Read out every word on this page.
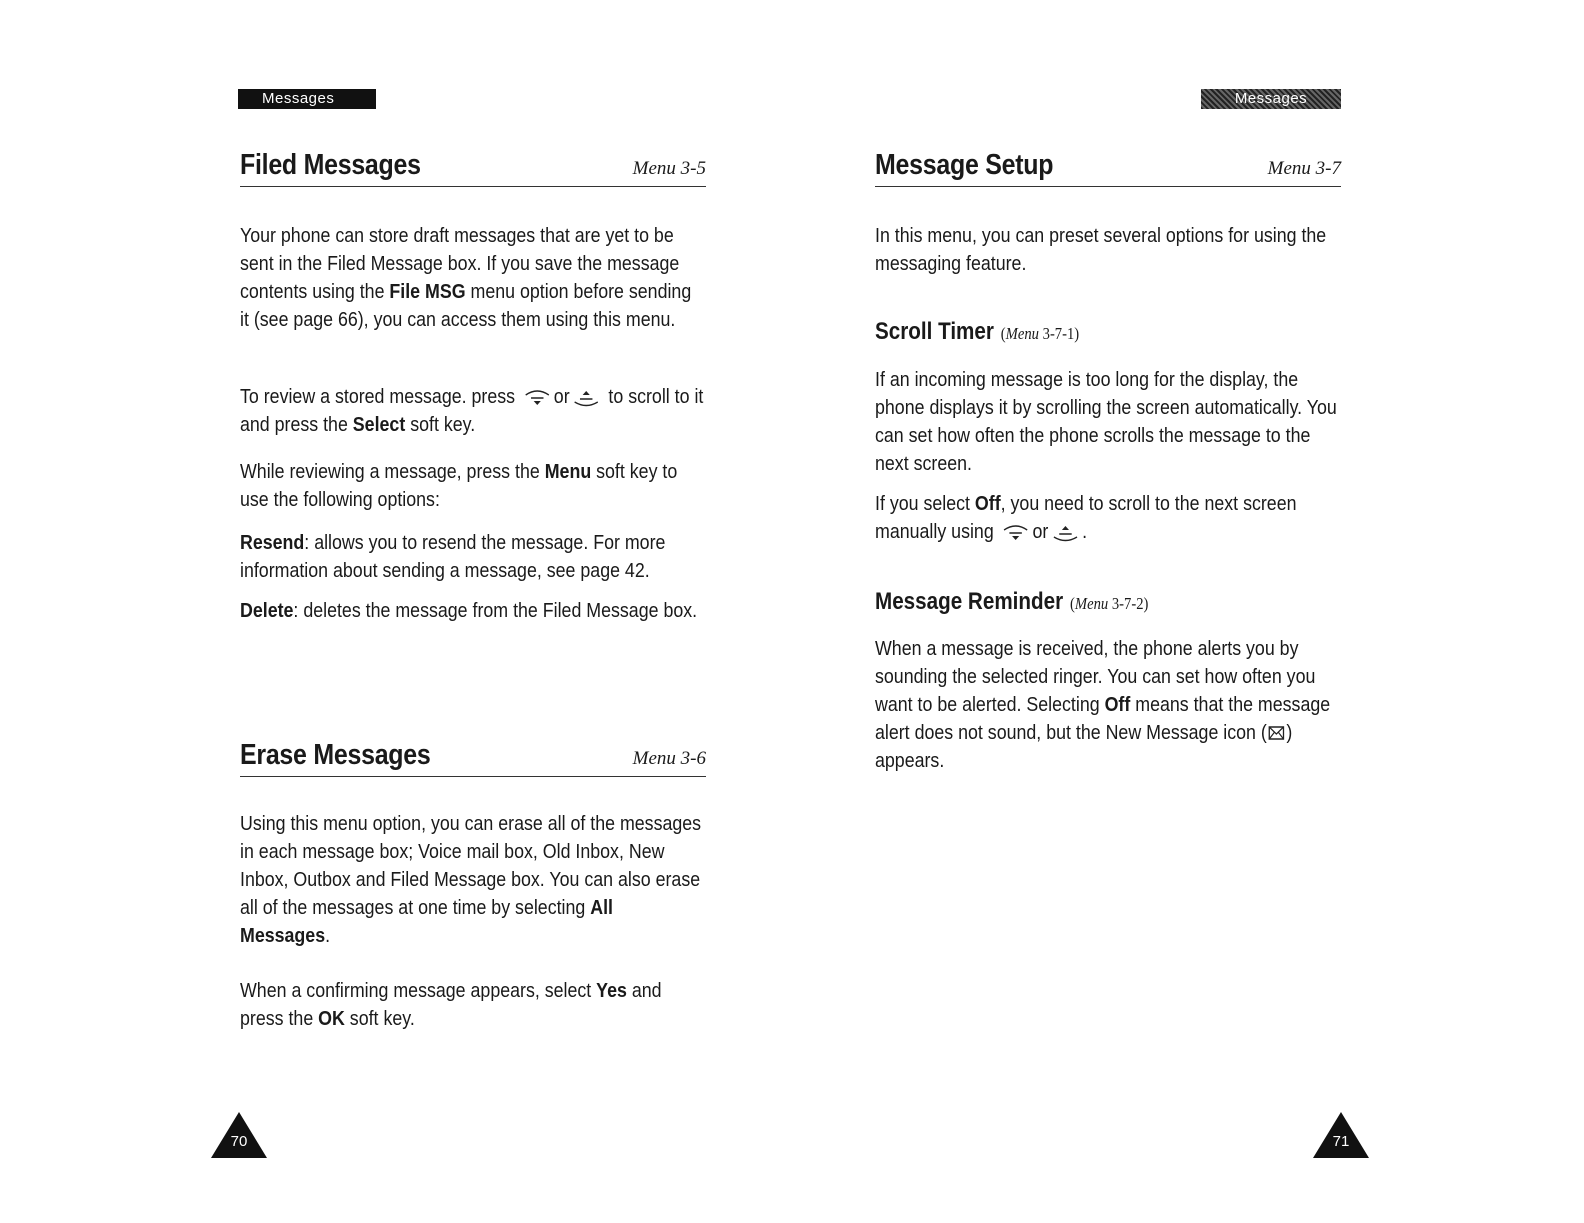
Messages	Messages
Filed Messages	Menu 3-5

Your phone can store draft messages that are yet to be sent in the Filed Message box. If you save the message contents using the File MSG menu option before sending it (see page 66), you can access them using this menu.

To review a stored message. press or to scroll to it and press the Select soft key.

While reviewing a message, press the Menu soft key to use the following options:

Resend: allows you to resend the message. For more information about sending a message, see page 42.

Delete: deletes the message from the Filed Message box.

Erase Messages	Menu 3-6

Using this menu option, you can erase all of the messages in each message box; Voice mail box, Old Inbox, New Inbox, Outbox and Filed Message box. You can also erase all of the messages at one time by selecting All Messages.

When a confirming message appears, select Yes and press the OK soft key.

Message Setup	Menu 3-7

In this menu, you can preset several options for using the messaging feature.

Scroll Timer (Menu 3-7-1)

If an incoming message is too long for the display, the phone displays it by scrolling the screen automatically. You can set how often the phone scrolls the message to the next screen.

If you select Off, you need to scroll to the next screen manually using or .

Message Reminder (Menu 3-7-2)

When a message is received, the phone alerts you by sounding the selected ringer. You can set how often you want to be alerted. Selecting Off means that the message alert does not sound, but the New Message icon ( ) appears.

70	71
